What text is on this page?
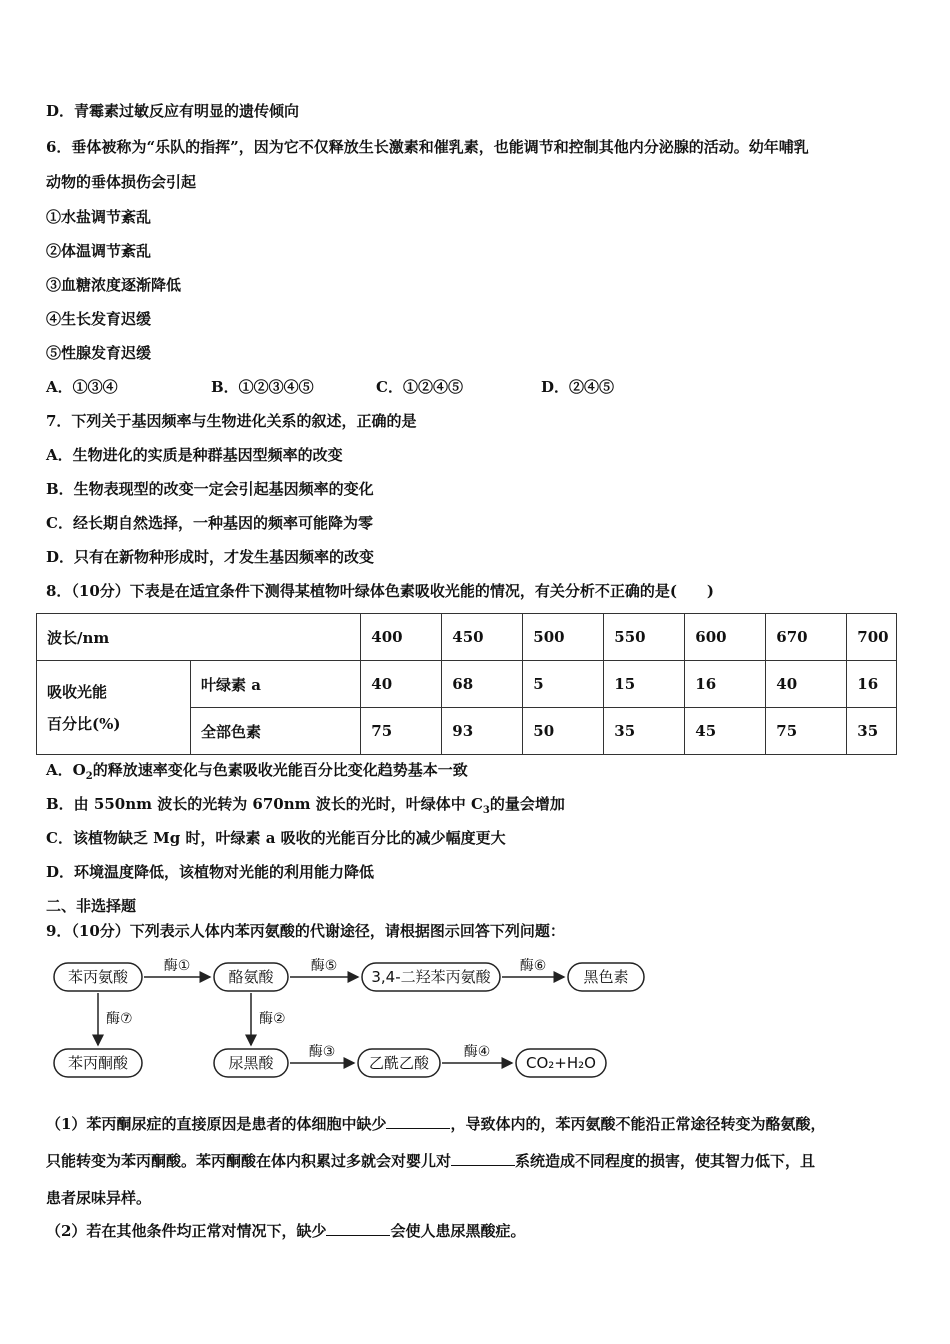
D．青霉素过敏反应有明显的遗传倾向
6．垂体被称为“乐队的指挥”，因为它不仅释放生长激素和催乳素，也能调节和控制其他内分泌腺的活动。幼年哺乳
动物的垂体损伤会引起
①水盐调节紊乱
②体温调节紊乱
③血糖浓度逐渐降低
④生长发育迟缓
⑤性腺发育迟缓
A．①③④	B．①②③④⑤	C．①②④⑤	D．②④⑤
7．下列关于基因频率与生物进化关系的叙述，正确的是
A．生物进化的实质是种群基因型频率的改变
B．生物表现型的改变一定会引起基因频率的变化
C．经长期自然选择，一种基因的频率可能降为零
D．只有在新物种形成时，才发生基因频率的改变
8．（10分）下表是在适宜条件下测得某植物叶绿体色素吸收光能的情况，有关分析不正确的是(　　)
波长/nm		400	450	500	550	600	670	700

吸收光能
百分比(%)	叶绿素 a	40	68	5	15	16	40	16
	全部色素	75	93	50	35	45	75	35
A．$O_2$的释放速率变化与色素吸收光能百分比变化趋势基本一致
B．由 550nm 波长的光转为 670nm 波长的光时，叶绿体中 $C_3$的量会增加
C．该植物缺乏 Mg 时，叶绿素 a 吸收的光能百分比的减少幅度更大
D．环境温度降低，该植物对光能的利用能力降低
二、非选择题
9．（10分）下列表示人体内苯丙氨酸的代谢途径，请根据图示回答下列问题：
苯丙氨酸	酪氨酸	3,4-二羟苯丙氨酸	黑色素
苯丙酮酸	尿黑酸	乙酰乙酸	CO₂+H₂O
酶①	酶⑤	酶⑥
酶⑦	酶②
酶③	酶④
（1）苯丙酮尿症的直接原因是患者的体细胞中缺少	，导致体内的，苯丙氨酸不能沿正常途径转变为酪氨酸，
只能转变为苯丙酮酸。苯丙酮酸在体内积累过多就会对婴儿对	系统造成不同程度的损害，使其智力低下，且
患者尿味异样。
（2）若在其他条件均正常对情况下，缺少	会使人患尿黑酸症。
